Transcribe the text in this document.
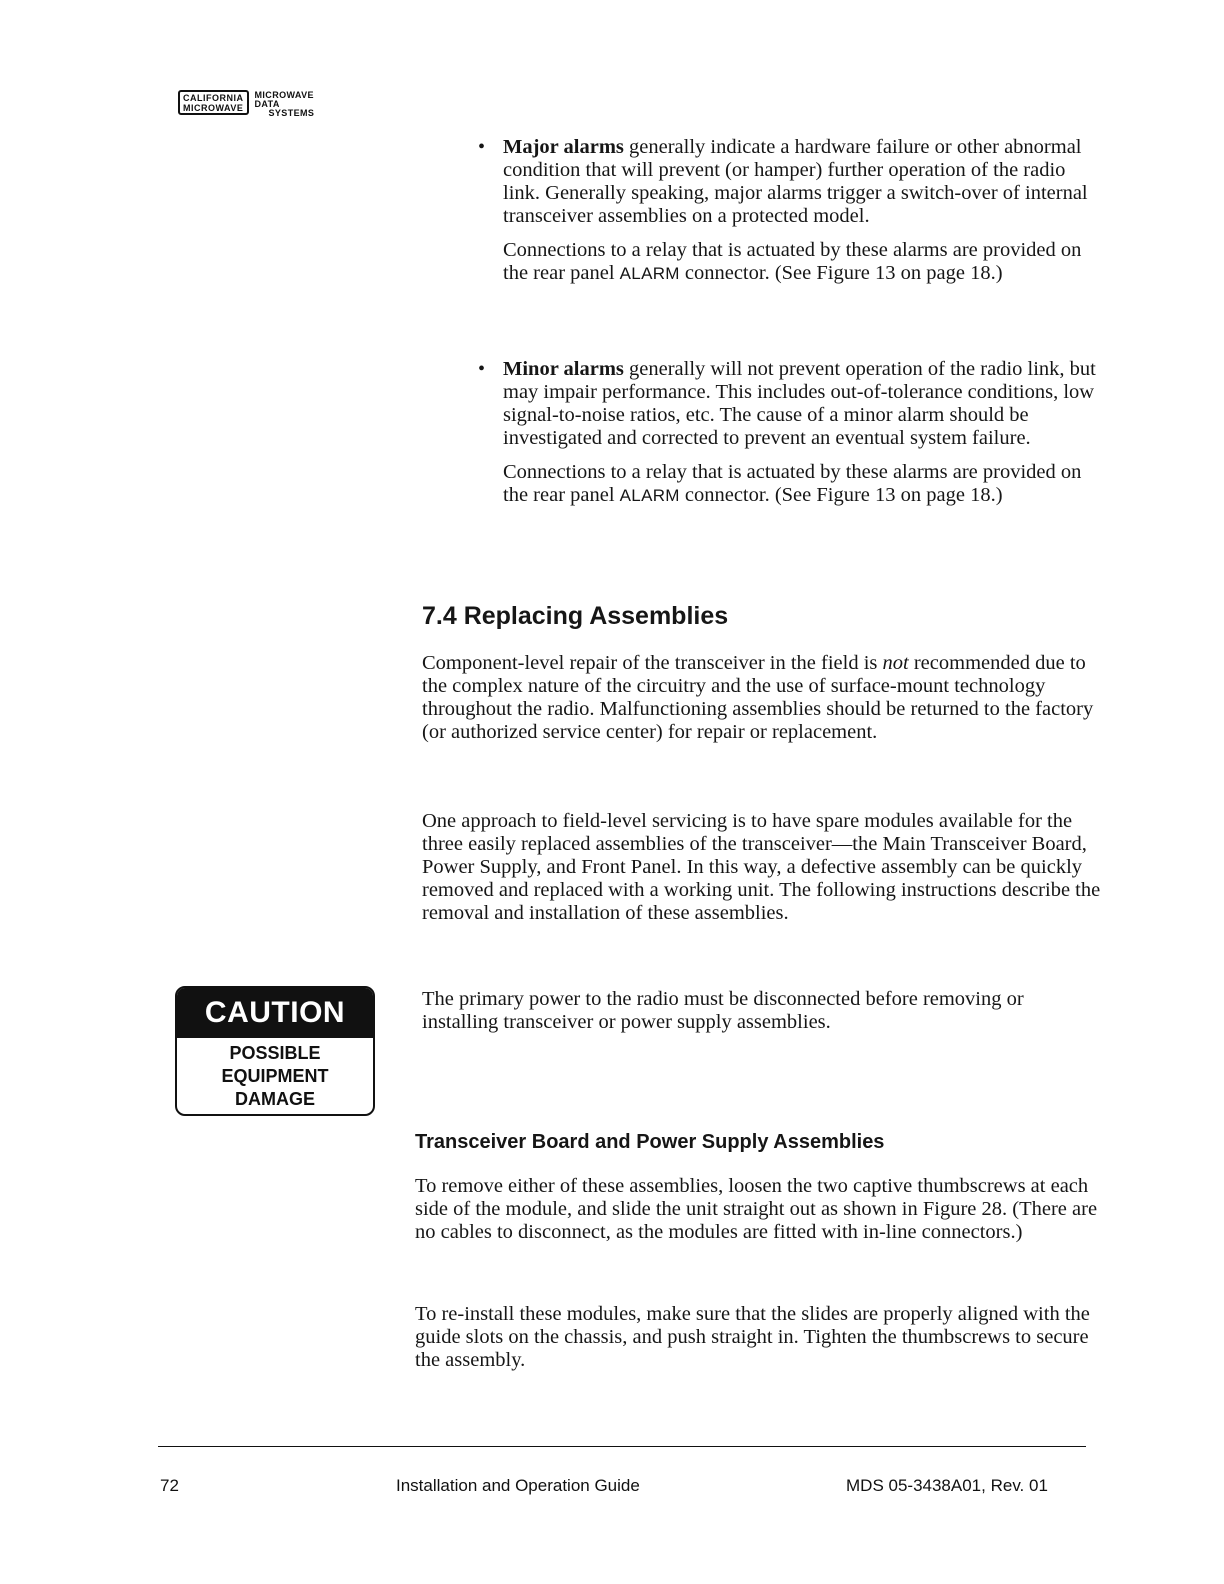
CALIFORNIA
MICROWAVE
MICROWAVE
DATA
SYSTEMS
• Major alarms generally indicate a hardware failure or other abnormal condition that will prevent (or hamper) further operation of the radio link. Generally speaking, major alarms trigger a switch-over of internal transceiver assemblies on a protected model.

Connections to a relay that is actuated by these alarms are provided on the rear panel ALARM connector. (See Figure 13 on page 18.)

• Minor alarms generally will not prevent operation of the radio link, but may impair performance. This includes out-of-tolerance conditions, low signal-to-noise ratios, etc. The cause of a minor alarm should be investigated and corrected to prevent an eventual system failure.

Connections to a relay that is actuated by these alarms are provided on the rear panel ALARM connector. (See Figure 13 on page 18.)

7.4 Replacing Assemblies

Component-level repair of the transceiver in the field is not recommended due to the complex nature of the circuitry and the use of surface-mount technology throughout the radio. Malfunctioning assemblies should be returned to the factory (or authorized service center) for repair or replacement.

One approach to field-level servicing is to have spare modules available for the three easily replaced assemblies of the transceiver—the Main Transceiver Board, Power Supply, and Front Panel. In this way, a defective assembly can be quickly removed and replaced with a working unit. The following instructions describe the removal and installation of these assemblies.

The primary power to the radio must be disconnected before removing or installing transceiver or power supply assemblies.

CAUTION
POSSIBLE
EQUIPMENT
DAMAGE
Transceiver Board and Power Supply Assemblies

To remove either of these assemblies, loosen the two captive thumbscrews at each side of the module, and slide the unit straight out as shown in Figure 28. (There are no cables to disconnect, as the modules are fitted with in-line connectors.)

To re-install these modules, make sure that the slides are properly aligned with the guide slots on the chassis, and push straight in. Tighten the thumbscrews to secure the assembly.

72	Installation and Operation Guide	MDS 05-3438A01, Rev. 01
